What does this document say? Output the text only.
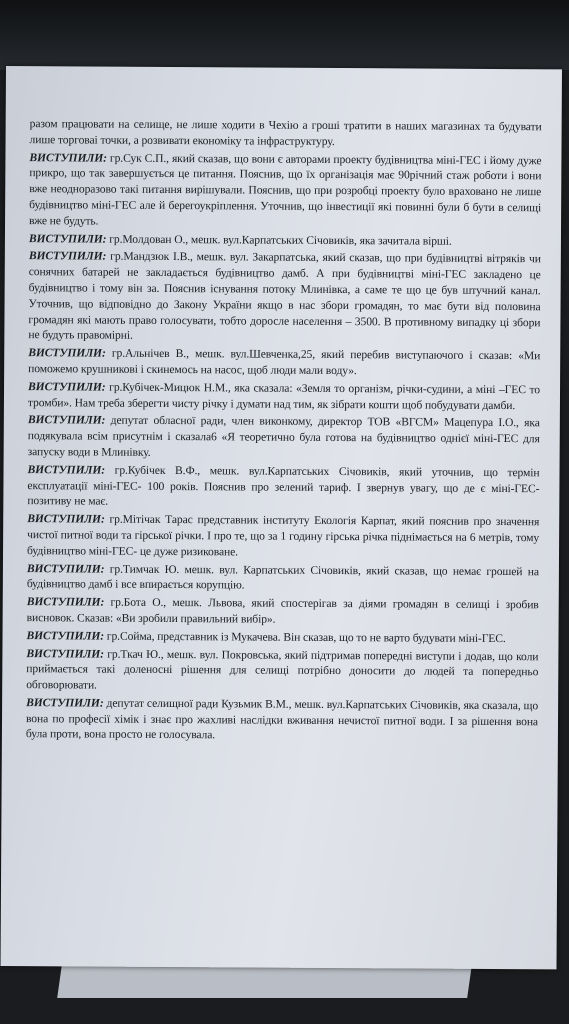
разом працювати на селище, не лише ходити в Чехію а гроші тратити в наших магазинах та будувати лише торговаі точки, а розвивати економіку та інфраструктуру.

ВИСТУПИЛИ: гр.Сук С.П., який сказав, що вони є авторами проекту будівництва міні-ГЕС і йому дуже прикро, що так завершується це питання. Пояснив, що їх організація має 90річний стаж роботи і вони вже неодноразово такі питання вирішували. Пояснив, що при розробці проекту було враховано не лише будівництво міні-ГЕС але й берегоукріплення. Уточнив, що інвестиції які повинні були б бути в селищі вже не будуть.

ВИСТУПИЛИ: гр.Молдован О., мешк. вул.Карпатських Січовиків, яка зачитала вірші.

ВИСТУПИЛИ: гр.Мандзюк І.В., мешк. вул. Закарпатська, який сказав, що при будівництві вітряків чи сонячних батарей не закладається будівництво дамб. А при будівництві міні-ГЕС закладено це будівництво і тому він за. Пояснив існування потоку Млинівка, а саме те що це був штучний канал. Уточнив, що відповідно до Закону України якщо в нас збори громадян, то має бути від половина громадян які мають право голосувати, тобто доросле населення – 3500. В противному випадку ці збори не будуть правомірні.

ВИСТУПИЛИ: гр.Альнічев В., мешк. вул.Шевченка,25, який перебив виступаючого і сказав: «Ми поможемо крушниковi і скинемось на насос, щоб люди мали воду».

ВИСТУПИЛИ: гр.Кубічек-Мицюк Н.М., яка сказала: «Земля то організм, річки-судини, а міні –ГЕС то тромби». Нам треба зберегти чисту річку і думати над тим, як зібрати кошти щоб побудувати дамби.

ВИСТУПИЛИ: депутат обласної ради, член виконкому, директор ТОВ «ВГСМ» Мацепура І.О., яка подякувала всім присутнім і сказала6 «Я теоретично була готова на будівництво однієї міні-ГЕС для запуску води в Млинівку.

ВИСТУПИЛИ: гр.Кубічек В.Ф., мешк. вул.Карпатських Січовиків, який уточнив, що термін експлуатації міні-ГЕС- 100 років. Пояснив про зелений тариф. І звернув увагу, що де є міні-ГЕС- позитиву не має.

ВИСТУПИЛИ: гр.Мітічак Тарас представник інституту Екологія Карпат, який пояснив про значення чистої питної води та гірської річки. І про те, що за 1 годину гірська річка піднімається на 6 метрів, тому будівництво міні-ГЕС- це дуже ризиковане.

ВИСТУПИЛИ: гр.Тимчак Ю. мешк. вул. Карпатських Січовиків, який сказав, що немає грошей на будівництво дамб і все впирається корупцію.

ВИСТУПИЛИ: гр.Бота О., мешк. Львова, який спостерігав за діями громадян в селищі і зробив висновок. Сказав: «Ви зробили правильний вибір».

ВИСТУПИЛИ: гр.Сойма, представник із Мукачева. Він сказав, що то не варто будувати міні-ГЕС.

ВИСТУПИЛИ: гр.Ткач Ю., мешк. вул. Покровська, який підтримав попередні виступи і додав, що коли приймається такі доленосні рішення для селищі потрібно доносити до людей та попередньо обговорювати.

ВИСТУПИЛИ: депутат селищної ради Кузьмик В.М., мешк. вул.Карпатських Січовиків, яка сказала, що вона по професії хімік і знає про жахливі наслідки вживання нечистої питної води. І за рішення вона була проти, вона просто не голосувала.
